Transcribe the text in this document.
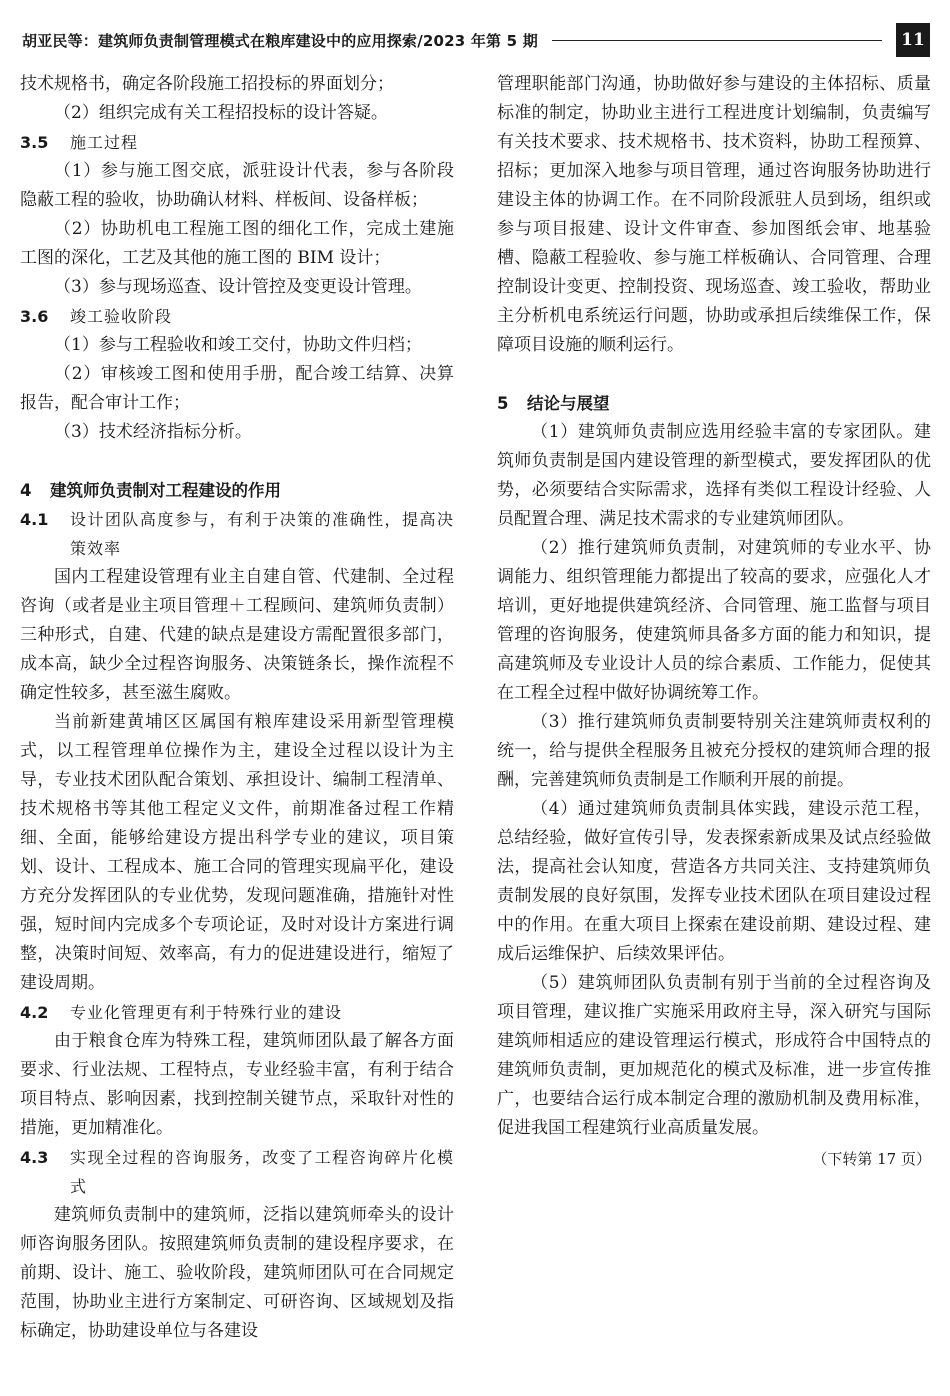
胡亚民等：建筑师负责制管理模式在粮库建设中的应用探索/2023 年第 5 期	11

技术规格书，确定各阶段施工招投标的界面划分；

（2）组织完成有关工程招投标的设计答疑。

3.5	施工过程

（1）参与施工图交底，派驻设计代表，参与各阶段隐蔽工程的验收，协助确认材料、样板间、设备样板；

（2）协助机电工程施工图的细化工作，完成土建施工图的深化，工艺及其他的施工图的 BIM 设计；

（3）参与现场巡查、设计管控及变更设计管理。

3.6	竣工验收阶段

（1）参与工程验收和竣工交付，协助文件归档；

（2）审核竣工图和使用手册，配合竣工结算、决算报告，配合审计工作；

（3）技术经济指标分析。

4 建筑师负责制对工程建设的作用
4.1	设计团队高度参与，有利于决策的准确性，提高决策效率

国内工程建设管理有业主自建自管、代建制、全过程咨询（或者是业主项目管理＋工程顾问、建筑师负责制）三种形式，自建、代建的缺点是建设方需配置很多部门，成本高，缺少全过程咨询服务、决策链条长，操作流程不确定性较多，甚至滋生腐败。

当前新建黄埔区区属国有粮库建设采用新型管理模式，以工程管理单位操作为主，建设全过程以设计为主导，专业技术团队配合策划、承担设计、编制工程清单、技术规格书等其他工程定义文件，前期准备过程工作精细、全面，能够给建设方提出科学专业的建议，项目策划、设计、工程成本、施工合同的管理实现扁平化，建设方充分发挥团队的专业优势，发现问题准确，措施针对性强，短时间内完成多个专项论证，及时对设计方案进行调整，决策时间短、效率高，有力的促进建设进行，缩短了建设周期。

4.2	专业化管理更有利于特殊行业的建设

由于粮食仓库为特殊工程，建筑师团队最了解各方面要求、行业法规、工程特点，专业经验丰富，有利于结合项目特点、影响因素，找到控制关键节点，采取针对性的措施，更加精准化。

4.3	实现全过程的咨询服务，改变了工程咨询碎片化模式

建筑师负责制中的建筑师，泛指以建筑师牵头的设计师咨询服务团队。按照建筑师负责制的建设程序要求，在前期、设计、施工、验收阶段，建筑师团队可在合同规定范围，协助业主进行方案制定、可研咨询、区域规划及指标确定，协助建设单位与各建设

管理职能部门沟通，协助做好参与建设的主体招标、质量标准的制定，协助业主进行工程进度计划编制，负责编写有关技术要求、技术规格书、技术资料，协助工程预算、招标；更加深入地参与项目管理，通过咨询服务协助进行建设主体的协调工作。在不同阶段派驻人员到场，组织或参与项目报建、设计文件审查、参加图纸会审、地基验槽、隐蔽工程验收、参与施工样板确认、合同管理、合理控制设计变更、控制投资、现场巡查、竣工验收，帮助业主分析机电系统运行问题，协助或承担后续维保工作，保障项目设施的顺利运行。

5 结论与展望

（1）建筑师负责制应选用经验丰富的专家团队。建筑师负责制是国内建设管理的新型模式，要发挥团队的优势，必须要结合实际需求，选择有类似工程设计经验、人员配置合理、满足技术需求的专业建筑师团队。

（2）推行建筑师负责制，对建筑师的专业水平、协调能力、组织管理能力都提出了较高的要求，应强化人才培训，更好地提供建筑经济、合同管理、施工监督与项目管理的咨询服务，使建筑师具备多方面的能力和知识，提高建筑师及专业设计人员的综合素质、工作能力，促使其在工程全过程中做好协调统筹工作。

（3）推行建筑师负责制要特别关注建筑师责权利的统一，给与提供全程服务且被充分授权的建筑师合理的报酬，完善建筑师负责制是工作顺利开展的前提。

（4）通过建筑师负责制具体实践，建设示范工程，总结经验，做好宣传引导，发表探索新成果及试点经验做法，提高社会认知度，营造各方共同关注、支持建筑师负责制发展的良好氛围，发挥专业技术团队在项目建设过程中的作用。在重大项目上探索在建设前期、建设过程、建成后运维保护、后续效果评估。

（5）建筑师团队负责制有别于当前的全过程咨询及项目管理，建议推广实施采用政府主导，深入研究与国际建筑师相适应的建设管理运行模式，形成符合中国特点的建筑师负责制，更加规范化的模式及标准，进一步宣传推广，也要结合运行成本制定合理的激励机制及费用标准，促进我国工程建筑行业高质量发展。

（下转第 17 页）
